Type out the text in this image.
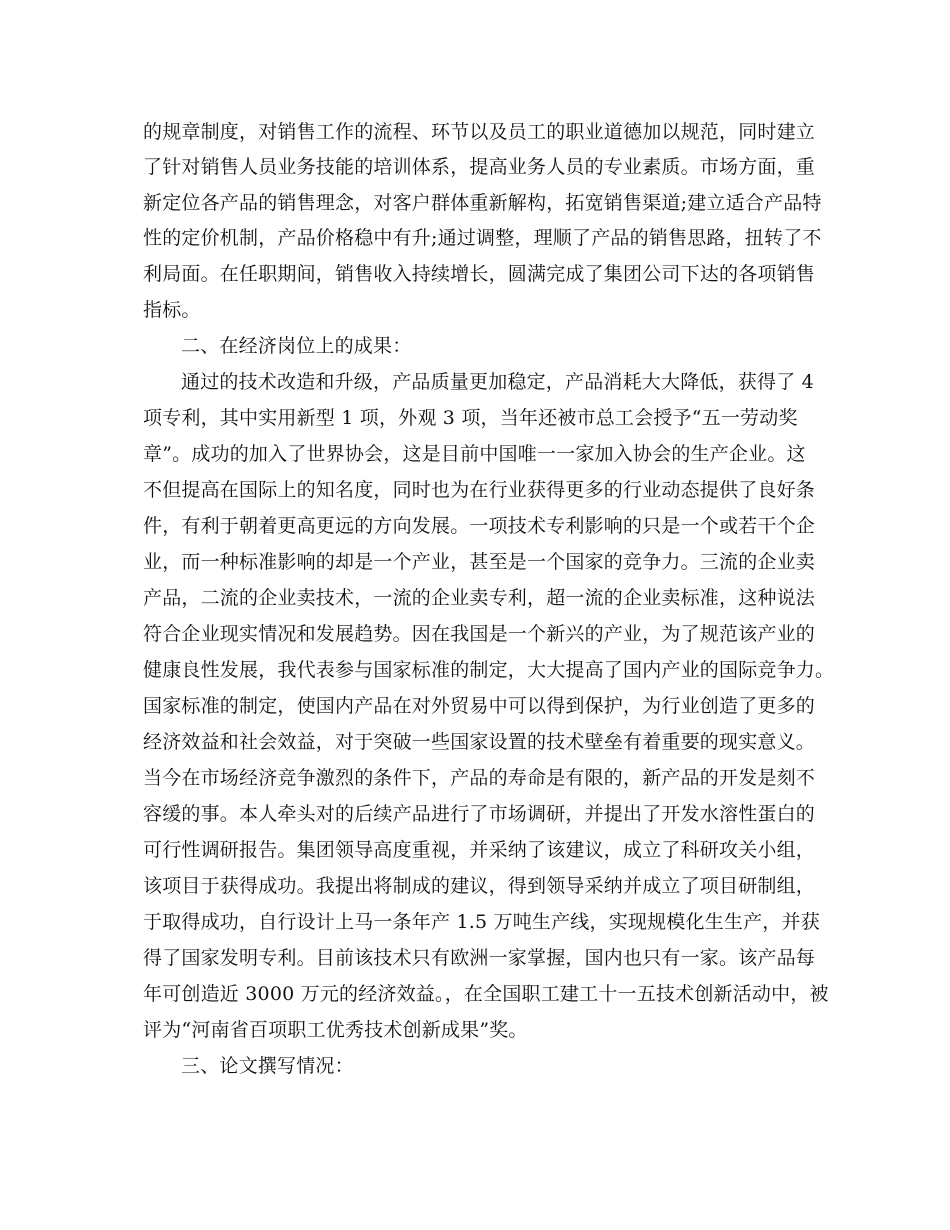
的规章制度，对销售工作的流程、环节以及员工的职业道德加以规范，同时建立
了针对销售人员业务技能的培训体系，提高业务人员的专业素质。市场方面，重
新定位各产品的销售理念，对客户群体重新解构，拓宽销售渠道;建立适合产品特
性的定价机制，产品价格稳中有升;通过调整，理顺了产品的销售思路，扭转了不
利局面。在任职期间，销售收入持续增长，圆满完成了集团公司下达的各项销售
指标。
二、在经济岗位上的成果：
通过的技术改造和升级，产品质量更加稳定，产品消耗大大降低，获得了 4
项专利，其中实用新型 1 项，外观 3 项，当年还被市总工会授予“五一劳动奖
章”。成功的加入了世界协会，这是目前中国唯一一家加入协会的生产企业。这
不但提高在国际上的知名度，同时也为在行业获得更多的行业动态提供了良好条
件，有利于朝着更高更远的方向发展。一项技术专利影响的只是一个或若干个企
业，而一种标准影响的却是一个产业，甚至是一个国家的竞争力。三流的企业卖
产品，二流的企业卖技术，一流的企业卖专利，超一流的企业卖标准，这种说法
符合企业现实情况和发展趋势。因在我国是一个新兴的产业，为了规范该产业的
健康良性发展，我代表参与国家标准的制定，大大提高了国内产业的国际竞争力。
国家标准的制定，使国内产品在对外贸易中可以得到保护，为行业创造了更多的
经济效益和社会效益，对于突破一些国家设置的技术壁垒有着重要的现实意义。
当今在市场经济竞争激烈的条件下，产品的寿命是有限的，新产品的开发是刻不
容缓的事。本人牵头对的后续产品进行了市场调研，并提出了开发水溶性蛋白的
可行性调研报告。集团领导高度重视，并采纳了该建议，成立了科研攻关小组，
该项目于获得成功。我提出将制成的建议，得到领导采纳并成立了项目研制组，
于取得成功，自行设计上马一条年产 1.5 万吨生产线，实现规模化生生产，并获
得了国家发明专利。目前该技术只有欧洲一家掌握，国内也只有一家。该产品每
年可创造近 3000 万元的经济效益。，在全国职工建工十一五技术创新活动中，被
评为“河南省百项职工优秀技术创新成果”奖。
三、论文撰写情况：
